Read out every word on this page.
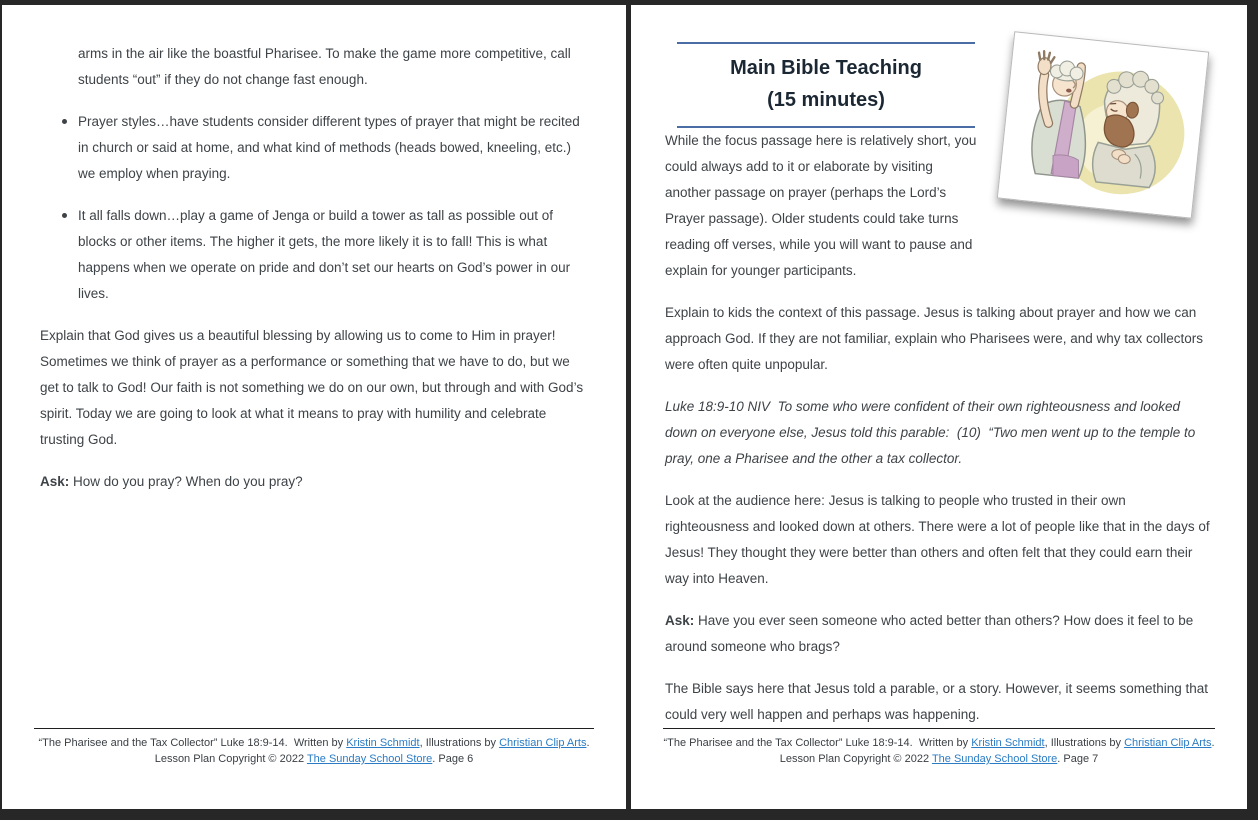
arms in the air like the boastful Pharisee. To make the game more competitive, call students “out” if they do not change fast enough.

Prayer styles…have students consider different types of prayer that might be recited in church or said at home, and what kind of methods (heads bowed, kneeling, etc.) we employ when praying.
It all falls down…play a game of Jenga or build a tower as tall as possible out of blocks or other items. The higher it gets, the more likely it is to fall! This is what happens when we operate on pride and don’t set our hearts on God’s power in our lives.

Explain that God gives us a beautiful blessing by allowing us to come to Him in prayer! Sometimes we think of prayer as a performance or something that we have to do, but we get to talk to God! Our faith is not something we do on our own, but through and with God’s spirit. Today we are going to look at what it means to pray with humility and celebrate trusting God.

Ask: How do you pray? When do you pray?

“The Pharisee and the Tax Collector” Luke 18:9-14.  Written by Kristin Schmidt, Illustrations by Christian Clip Arts. Lesson Plan Copyright © 2022 The Sunday School Store. Page 6
Main Bible Teaching
(15 minutes)

While the focus passage here is relatively short, you could always add to it or elaborate by visiting another passage on prayer (perhaps the Lord’s Prayer passage). Older students could take turns reading off verses, while you will want to pause and explain for younger participants.

Explain to kids the context of this passage. Jesus is talking about prayer and how we can approach God. If they are not familiar, explain who Pharisees were, and why tax collectors were often quite unpopular.

Luke 18:9-10 NIV  To some who were confident of their own righteousness and looked down on everyone else, Jesus told this parable:  (10)  “Two men went up to the temple to pray, one a Pharisee and the other a tax collector.

Look at the audience here: Jesus is talking to people who trusted in their own righteousness and looked down at others. There were a lot of people like that in the days of Jesus! They thought they were better than others and often felt that they could earn their way into Heaven.

Ask: Have you ever seen someone who acted better than others? How does it feel to be around someone who brags?

The Bible says here that Jesus told a parable, or a story. However, it seems something that could very well happen and perhaps was happening.

“The Pharisee and the Tax Collector” Luke 18:9-14.  Written by Kristin Schmidt, Illustrations by Christian Clip Arts. Lesson Plan Copyright © 2022 The Sunday School Store. Page 7
